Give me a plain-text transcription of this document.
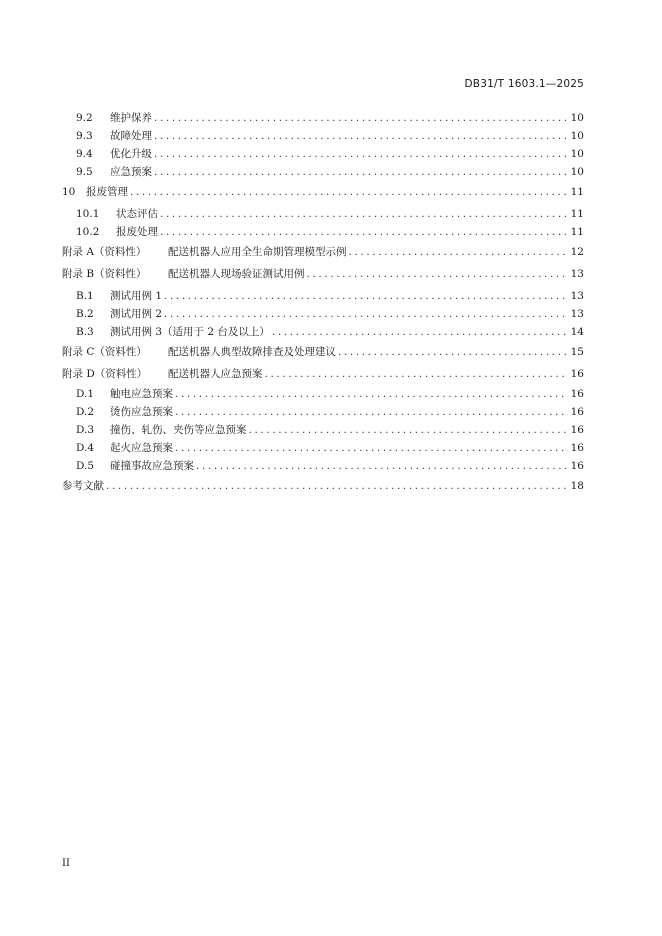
DB31/T 1603.1—2025
9.2	维护保养 .....	10
9.3	故障处理 .....	10
9.4	优化升级 .....	10
9.5	应急预案 .....	10
10	报废管理 .....	11
10.1	状态评估 .....	11
10.2	报废处理 .....	11
附录 A（资料性）	配送机器人应用全生命期管理模型示例 .....	12
附录 B（资料性）	配送机器人现场验证测试用例 .....	13
B.1	测试用例 1 .....	13
B.2	测试用例 2 .....	13
B.3	测试用例 3（适用于 2 台及以上） .....	14
附录 C（资料性）	配送机器人典型故障排查及处理建议 .....	15
附录 D（资料性）	配送机器人应急预案 .....	16
D.1	触电应急预案 .....	16
D.2	烫伤应急预案 .....	16
D.3	撞伤、轧伤、夹伤等应急预案 .....	16
D.4	起火应急预案 .....	16
D.5	碰撞事故应急预案 .....	16
参考文献 .....	18
II
